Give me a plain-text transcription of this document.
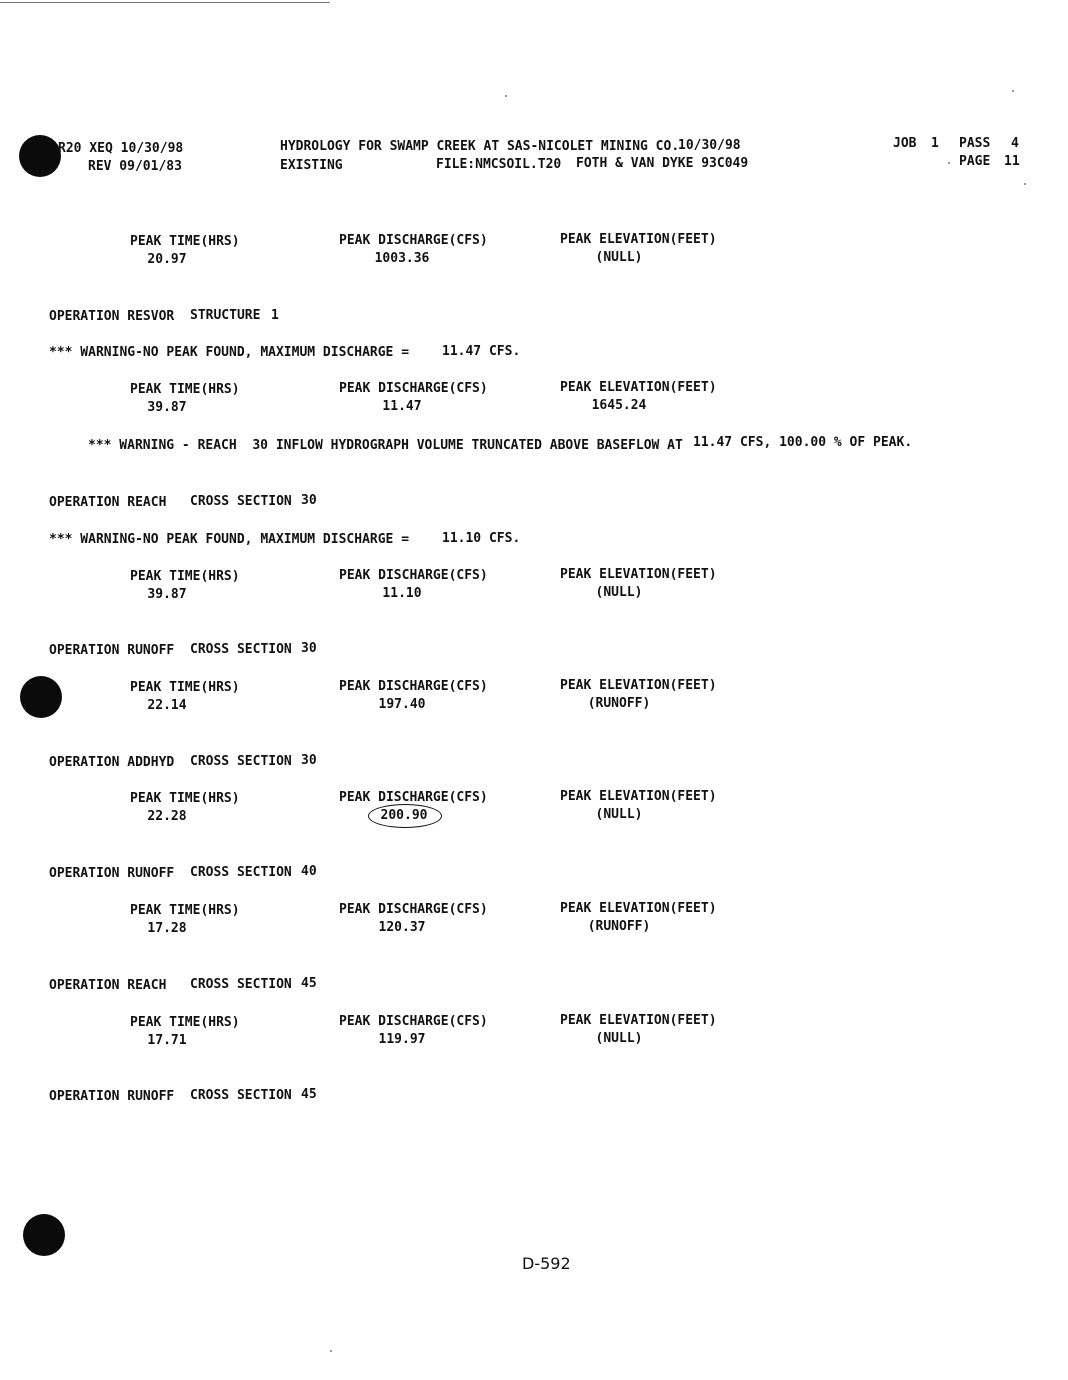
R20 XEQ 10/30/98
REV 09/01/83
HYDROLOGY FOR SWAMP CREEK AT SAS-NICOLET MINING CO.
10/30/98
EXISTING	FILE:NMCSOIL.T20 FOTH & VAN DYKE 93C049
JOB 1 PASS 4
PAGE 11
PEAK TIME(HRS)	PEAK DISCHARGE(CFS)	PEAK ELEVATION(FEET)
20.97	1003.36	(NULL)
OPERATION RESVOR STRUCTURE 1
*** WARNING-NO PEAK FOUND, MAXIMUM DISCHARGE =	11.47 CFS.
PEAK TIME(HRS)	PEAK DISCHARGE(CFS)	PEAK ELEVATION(FEET)
39.87	11.47	1645.24
*** WARNING - REACH  30 INFLOW HYDROGRAPH VOLUME TRUNCATED ABOVE BASEFLOW AT 11.47 CFS, 100.00 % OF PEAK.
OPERATION REACH CROSS SECTION 30
*** WARNING-NO PEAK FOUND, MAXIMUM DISCHARGE =	11.10 CFS.
PEAK TIME(HRS)	PEAK DISCHARGE(CFS)	PEAK ELEVATION(FEET)
39.87	11.10	(NULL)
OPERATION RUNOFF CROSS SECTION 30
PEAK TIME(HRS)	PEAK DISCHARGE(CFS)	PEAK ELEVATION(FEET)
22.14	197.40	(RUNOFF)
OPERATION ADDHYD CROSS SECTION 30
PEAK TIME(HRS)	PEAK DISCHARGE(CFS)	PEAK ELEVATION(FEET)
22.28	200.90	(NULL)
OPERATION RUNOFF CROSS SECTION 40
PEAK TIME(HRS)	PEAK DISCHARGE(CFS)	PEAK ELEVATION(FEET)
17.28	120.37	(RUNOFF)
OPERATION REACH CROSS SECTION 45
PEAK TIME(HRS)	PEAK DISCHARGE(CFS)	PEAK ELEVATION(FEET)
17.71	119.97	(NULL)
OPERATION RUNOFF CROSS SECTION 45
D-592
